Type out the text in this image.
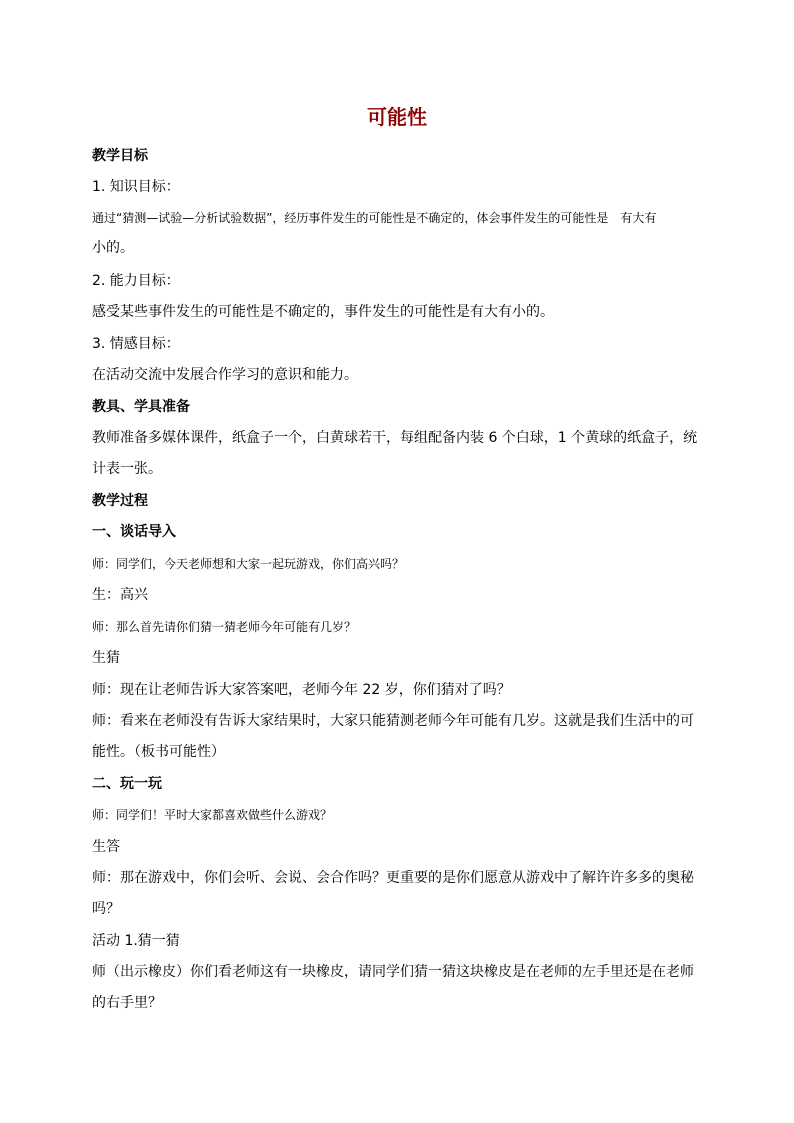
可能性
教学目标
1. 知识目标：
通过“猜测—试验—分析试验数据”，经历事件发生的可能性是不确定的，体会事件发生的可能性是　有大有
小的。
2. 能力目标：
感受某些事件发生的可能性是不确定的，事件发生的可能性是有大有小的。
3. 情感目标：
在活动交流中发展合作学习的意识和能力。
教具、学具准备
教师准备多媒体课件，纸盒子一个，白黄球若干，每组配备内装 6 个白球，1 个黄球的纸盒子，统
计表一张。
教学过程
一、谈话导入
师：同学们，今天老师想和大家一起玩游戏，你们高兴吗？
生：高兴
师：那么首先请你们猜一猜老师今年可能有几岁？
生猜
师：现在让老师告诉大家答案吧，老师今年 22 岁，你们猜对了吗？
师：看来在老师没有告诉大家结果时，大家只能猜测老师今年可能有几岁。这就是我们生活中的可
能性。（板书可能性）
二、玩一玩
师：同学们！平时大家都喜欢做些什么游戏？
生答
师：那在游戏中，你们会听、会说、会合作吗？更重要的是你们愿意从游戏中了解许许多多的奥秘
吗？
活动 1.猜一猜
师（出示橡皮）你们看老师这有一块橡皮，请同学们猜一猜这块橡皮是在老师的左手里还是在老师
的右手里？
